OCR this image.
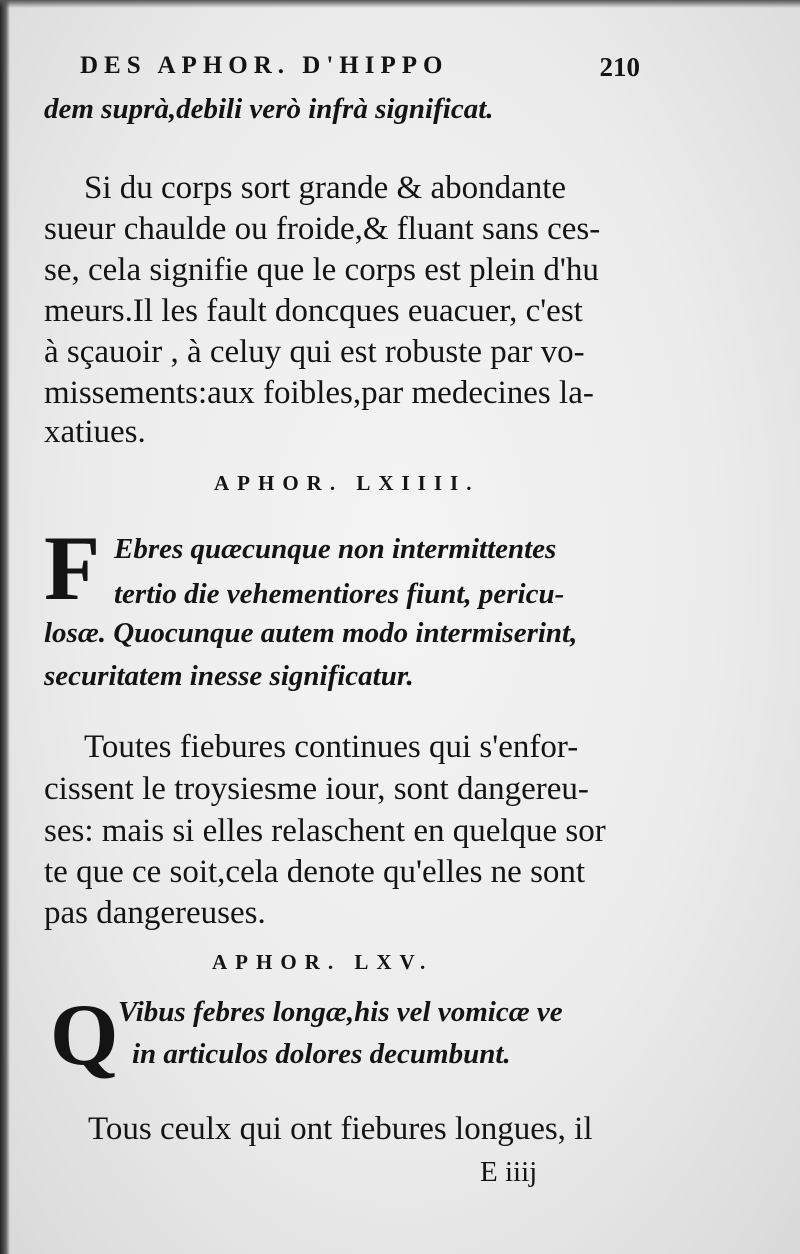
DES APHOR. D'HIPPO	210
dem suprà,debili verò infrà significat.
Si du corps sort grande & abondante
sueur chaulde ou froide,& fluant sans ces-
se, cela signifie que le corps est plein d'hu
meurs.Il les fault doncques euacuer, c'est
à sçauoir , à celuy qui est robuste par vo-
missements:aux foibles,par medecines la-
xatiues.
APHOR. LXIIII.
F Ebres quæcunque non intermittentes
tertio die vehementiores fiunt, pericu-
losæ. Quocunque autem modo intermiserint,
securitatem inesse significatur.
Toutes fiebures continues qui s'enfor-
cissent le troysiesme iour, sont dangereu-
ses: mais si elles relaschent en quelque sor
te que ce soit,cela denote qu'elles ne sont
pas dangereuses.
APHOR. LXV.
Q Vibus febres longæ,his vel vomicæ ve
in articulos dolores decumbunt.
Tous ceulx qui ont fiebures longues, il
E iiij
